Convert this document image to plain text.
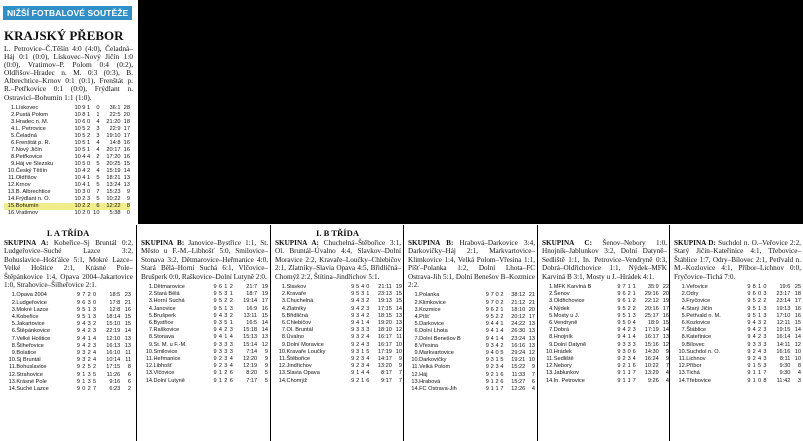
NIŽŠÍ FOTBALOVÉ SOUTĚŽE
KRAJSKÝ PŘEBOR
L. Petrovice–Č.Těšín 4:0 (4:0), Čeladná–Háj 0:1 (0:0), Lískovec–Nový Jičín 1:0 (0:0), Vratimov–P. Polom 0:4 (0:2), Oldřišov–Hradec n. M. 0:3 (0:3), B. Albrechtice–Krnov 0:1 (0:1), Frenštát p. R.–Petřkovice 0:1 (0:0), Frýdlant n. Ostravicí–Bohumín 1:1 (1:0).
1.	Lískovec	10	9	1	0	36:1	28
2.	Pustá Polom	10	8	1	1	22:5	20
3.	Hradec n. M.	10	6	0	4	21:20	18
4.	L. Petrovice	10	5	2	3	22:9	17
5.	Čeladná	10	5	2	3	19:10	17
6.	Frenštát p. R.	10	5	1	4	14:8	16
7.	Nový Jičín	10	5	1	4	20:17	16
8.	Petřkovice	10	4	4	2	17:20	16
9.	Háj ve Slezsku	10	5	0	5	20:25	15
10.	Český Těšín	10	4	2	4	15:19	14
11.	Oldřišov	10	4	1	5	18:21	13
12.	Krnov	10	4	1	5	13:24	13
13.	B. Albrechtice	10	3	0	7	15:23	9
14.	Frýdlant n. O.	10	2	3	5	10:22	9
15.	Bohumín	10	2	2	6	12:22	8
16.	Vratimov	10	2	0	10	5:38	0
I. A TŘÍDA
SKUPINA A: Kobeřice–Sj Bruntál 0:2, Ludgeřovice–Suché Lazce 3:2, Bohuslavice–Hošťálce 5:1, Mokré Lazce–Velké Hoštice 2:1, Krásné Pole–Štěpánkovice 1:4, Opava 2004–Jakartovice 1:0, Strahovice–Šilheřovice 2:1.
1.	Opava 2004	9	7	2	0	18:5	23
2.	Ludgeřovice	9	6	3	0	17:8	21
3.	Mokré Lazce	9	5	1	3	12:8	16
4.	Kobeřice	9	5	1	3	18:14	15
5.	Jakartovice	9	4	3	2	15:10	15
6.	Štěpánkovice	9	4	2	3	22:19	14
7.	Velké Hoštice	9	4	1	4	12:10	13
8.	Šilheřovice	9	4	2	3	16:13	13
9.	Bolatice	9	3	2	4	16:10	11
10.	Sj Bruntál	9	3	2	4	10:14	11
11.	Bohuslavice	9	2	5	2	17:15	8
12.	Strahovice	9	1	3	5	11:26	6
13.	Krásné Pole	9	1	3	5	9:16	6
14.	Suché Lazce	9	0	2	7	6:23	2
SKUPINA B: Janovice–Bystřice 1:1, St. Město u F.-M.–Libhošť 5:0, Smilovice–Stonava 3:2, Dětmarovice–Heřmanice 4:0, Stará Bělá–Horní Suchá 6:1, Vlčovice–Brušperk 0:0, Raškovice–Dolní Lutyně 2:0.
1.	Dětmarovice	9	6	1	2	21:7	19
2.	Stará Bělá	9	5	3	1	18:7	19
3.	Horní Suchá	9	5	2	2	19:14	17
4.	Janovice	9	5	1	3	16:9	16
5.	Brušperk	9	4	3	2	13:11	15
6.	Bystřice	9	3	5	1	16:5	14
7.	Raškovice	9	4	2	3	15:18	14
8.	Stonava	9	4	1	4	15:13	13
9.	St. M. u F.-M.	9	3	3	3	15:14	12
10.	Smilovice	9	3	3	3	7:14	9
11.	Heřmanice	9	2	3	4	12:20	9
12.	Libhošť	9	2	3	4	12:19	9
13.	Vlčovice	9	1	2	6	8:20	5
14.	Dolní Lutyně	9	1	2	6	7:17	5
I. B TŘÍDA
SKUPINA A: Chuchelná–Štěbořice 3:1, Ol. Bruntál–Úvalno 4:4, Slavkov–Dolní Moravice 2:2, Kravaře–Loučky–Chlebičov 2:1, Zlatníky–Slavia Opava 4:5, Břidličná–Chomýž 2:2, Štítina–Jindřichov 5:1.
1.	Slavkov	9	5	4	0	21:11	19
2.	Kravaře	9	5	3	1	23:13	15
3.	Chuchelná	9	4	3	2	19:13	15
4.	Zlatníky	9	4	2	3	17:15	14
5.	Břidličná	9	3	4	2	18:15	13
6.	Chlebičov	9	4	1	4	19:20	13
7.	Ol. Bruntál	9	3	3	3	18:10	12
8.	Úvalno	9	3	2	4	16:17	11
9.	Dolní Moravice	9	2	4	3	16:17	10
10.	Kravaře Loučky	9	3	1	5	17:19	10
11.	Štěbořice	9	2	3	4	14:17	9
12.	Jindřichov	9	2	3	4	13:20	9
13.	Slavia Opava	9	1	4	4	8:17	7
14.	Chomýž	9	2	1	6	9:17	7
SKUPINA B: Hrabová–Darkovice 3:4, Darkovičky–Háj 2:1, Markvartovice–Klimkovice 1:4, Velká Polom–Vřesina 1:1, Píšť–Polanka 1:2, Dolní Lhota–FC Ostrava-Jih 5:1, Dolní Benešov B–Kozmice 2:2.
1.	Polanka	9	7	0	2	38:12	21
2.	Klimkovice	9	7	0	2	21:12	21
3.	Kozmice	9	6	2	1	18:10	20
4.	Píšť	9	5	2	2	20:12	17
5.	Darkovice	9	4	4	1	24:22	13
6.	Dolní Lhota	9	4	1	4	26:30	13
7.	Dolní Benešov B	9	4	1	4	23:24	13
8.	Vřesina	9	3	4	2	16:16	13
9.	Markvartovice	9	4	0	5	29:24	12
10.	Darkovičky	9	3	1	5	19:21	10
11.	Velká Polom	9	2	3	4	15:22	9
12.	Háj	9	2	1	6	11:33	7
13.	Hrabová	9	1	2	6	15:27	6
14.	FC Ostrava-Jih	9	1	1	7	12:26	4
SKUPINA C: Šenov–Nebory 1:0, Hnojník–Jablunkov 3:2, Dolní Datyně–Sedliště 1:1, In. Petrovice–Vendryně 0:3, Dobrá–Oldřichovice 1:1, Nýdek–MFK Karviná B 3:1, Mosty u J.–Hrádek 4:1.
1.	MFK Karviná B	9	7	1	1	35:9	22
2.	Šenov	9	6	2	1	29:16	20
3.	Oldřichovice	9	6	1	2	22:12	19
4.	Nýdek	9	5	2	2	20:16	17
5.	Mosty u J.	9	5	1	3	25:17	16
6.	Vendryně	9	5	0	4	18:9	15
7.	Dobrá	9	4	2	3	17:19	14
8.	Hnojník	9	4	1	4	16:17	13
9.	Dolní Datyně	9	3	3	3	15:16	12
10.	Hrádek	9	3	0	6	14:30	9
11.	Sedliště	9	2	3	4	16:24	9
12.	Nebory	9	2	1	6	10:22	7
13.	Jablunkov	9	1	1	7	13:29	4
14.	In. Petrovice	9	1	1	7	9:26	4
SKUPINA D: Suchdol n. O.–Veřovice 2:2, Starý Jičín–Kateřinice 4:1, Třebovice–Štáblice 1:7, Odry–Bílovec 2:1, Petřvald n. M.–Kozlovice 4:1, Příbor–Lichnov 0:0, Fryčovice–Tichá 7:0.
1.	Veřovice	9	8	1	0	19:6	25
2.	Odry	9	6	0	3	23:17	18
3.	Fryčovice	9	5	2	2	23:14	17
4.	Starý Jičín	9	5	1	3	19:13	16
5.	Petřvald n. M.	9	5	1	3	17:10	16
6.	Kozlovice	9	4	3	2	12:11	15
7.	Štáblice	9	4	2	3	19:15	14
8.	Kateřinice	9	4	2	3	16:14	14
9.	Bílovec	9	3	3	3	14:11	12
10.	Suchdol n. O.	9	2	4	3	16:16	10
11.	Lichnov	9	2	4	3	8:11	10
12.	Příbor	9	1	5	3	9:30	8
13.	Tichá	9	1	1	7	9:30	4
14.	Třebovice	9	1	0	8	11:42	3
